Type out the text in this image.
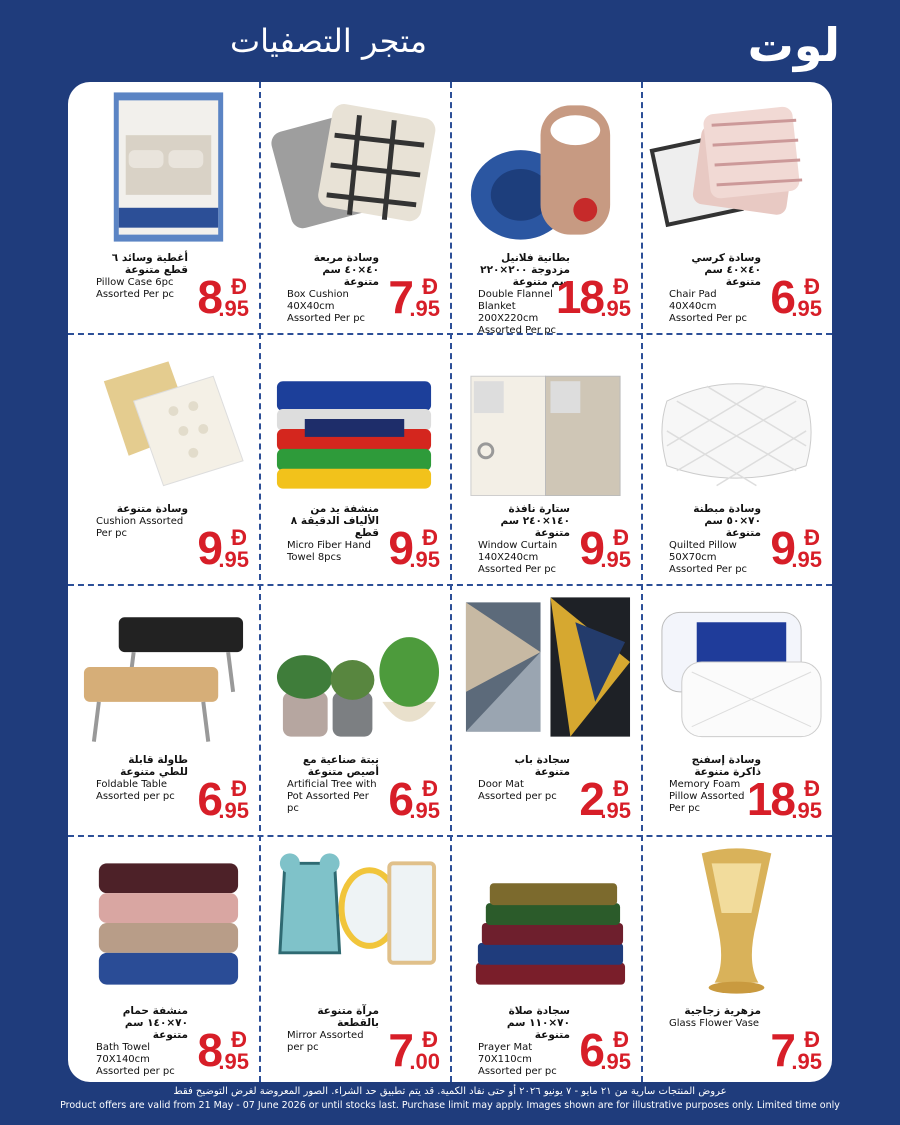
متجر التصفيات	لوت
وسادة كرسي ٤٠×٤٠ سم متنوعة
Chair Pad 40X40cm Assorted Per pc 6 Đ
.95
بطانية فلانيل مزدوجة ٢٠٠×٢٢٠ سم متنوعة
Double Flannel Blanket 200X220cm Assorted Per pc
18 Đ
.95
وسادة مربعة ٤٠×٤٠ سم متنوعة
Box Cushion 40X40cm Assorted Per pc 7 Đ
.95
أغطية وسائد ٦ قطع متنوعة
Pillow Case 6pc Assorted Per pc 8 Đ
.95
وسادة مبطنة ٧٠×٥٠ سم متنوعة
Quilted Pillow 50X70cm Assorted Per pc 9 Đ
.95
ستارة نافذة ١٤٠×٢٤٠ سم متنوعة
Window Curtain 140X240cm Assorted Per pc 9 Đ
.95
منشفة يد من الألياف الدقيقة ٨ قطع
Micro Fiber Hand Towel 8pcs	9 Đ
.95
وسادة متنوعة
Cushion Assorted Per pc	9 Đ
.95
وسادة إسفنج ذاكرة متنوعة
Memory Foam Pillow Assorted Per pc	18 Đ
.95
سجادة باب متنوعة
Door Mat Assorted per pc 2 Đ
.95
نبتة صناعية مع أصيص متنوعة
Artificial Tree with Pot Assorted Per pc	6 Đ
.95
طاولة قابلة للطي متنوعة
Foldable Table Assorted per pc 6 Đ
.95
مزهرية زجاجية
Glass Flower Vase
7 Đ
.95
سجادة صلاة ٧٠×١١٠ سم متنوعة
Prayer Mat 70X110cm Assorted per pc 6 Đ
.95
مرآة متنوعة بالقطعة
Mirror Assorted per pc	7 Đ
.00
منشفة حمام ٧٠×١٤٠ سم متنوعة
Bath Towel 70X140cm Assorted per pc 8 Đ
.95
عروض المنتجات سارية من ٢١ مايو - ٧ يونيو ٢٠٢٦ أو حتى نفاد الكمية. قد يتم تطبيق حد الشراء. الصور المعروضة لغرض التوضيح فقط
Product offers are valid from 21 May - 07 June 2026 or until stocks last. Purchase limit may apply. Images shown are for illustrative purposes only. Limited time only
